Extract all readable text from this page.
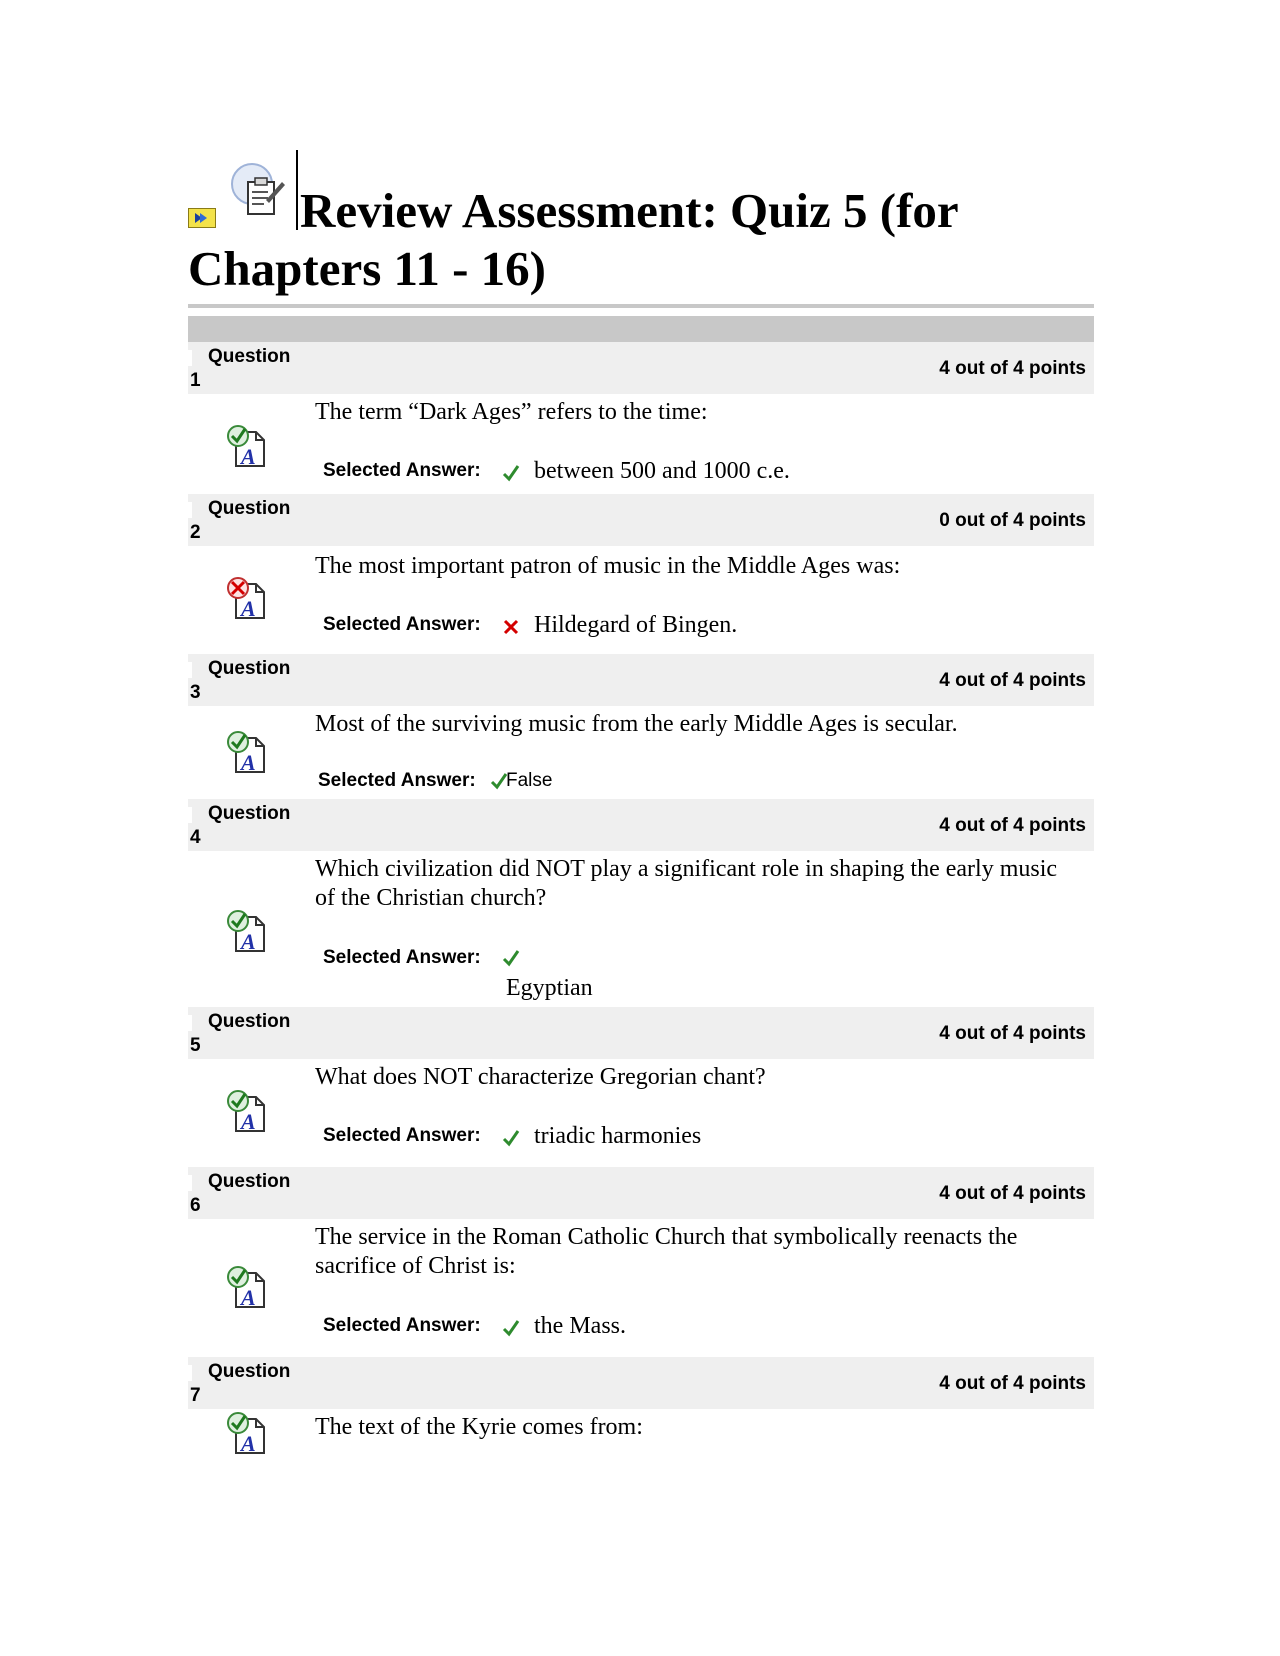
Review Assessment: Quiz 5 (for Chapters 11 - 16)
Question
1
4 out of 4 points
A
The term “Dark Ages” refers to the time:
Selected Answer: between 500 and 1000 c.e.
Question
2
0 out of 4 points
A
The most important patron of music in the Middle Ages was:
Selected Answer: Hildegard of Bingen.
Question
3
4 out of 4 points
A
Most of the surviving music from the early Middle Ages is secular.
Selected Answer: False
Question
4
4 out of 4 points
A
Which civilization did NOT play a significant role in shaping the early music of the Christian church?
Selected Answer:
Egyptian
Question
5
4 out of 4 points
A
What does NOT characterize Gregorian chant?
Selected Answer: triadic harmonies
Question
6
4 out of 4 points
A
The service in the Roman Catholic Church that symbolically reenacts the sacrifice of Christ is:
Selected Answer: the Mass.
Question
7
4 out of 4 points
A
The text of the Kyrie comes from:
